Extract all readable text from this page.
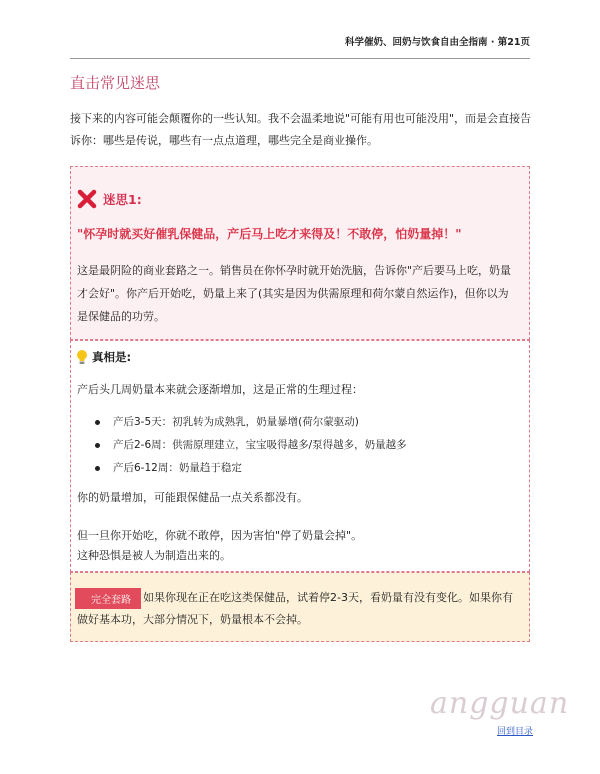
科学催奶、回奶与饮食自由全指南 · 第21页
直击常见迷思
接下来的内容可能会颠覆你的一些认知。我不会温柔地说"可能有用也可能没用"，而是会直接告诉你：哪些是传说，哪些有一点点道理，哪些完全是商业操作。
迷思1:
"怀孕时就买好催乳保健品，产后马上吃才来得及！不敢停，怕奶量掉！"
这是最阴险的商业套路之一。销售员在你怀孕时就开始洗脑，告诉你"产后要马上吃，奶量才会好"。你产后开始吃，奶量上来了(其实是因为供需原理和荷尔蒙自然运作)，但你以为是保健品的功劳。
真相是:
产后头几周奶量本来就会逐渐增加，这是正常的生理过程：
产后3-5天：初乳转为成熟乳，奶量暴增(荷尔蒙驱动)
产后2-6周：供需原理建立，宝宝吸得越多/泵得越多，奶量越多
产后6-12周：奶量趋于稳定
你的奶量增加，可能跟保健品一点关系都没有。
但一旦你开始吃，你就不敢停，因为害怕"停了奶量会掉"。
这种恐惧是被人为制造出来的。
完全套路	如果你现在正在吃这类保健品，试着停2-3天，看奶量有没有变化。如果你有做好基本功，大部分情况下，奶量根本不会掉。
angguan
回到目录
